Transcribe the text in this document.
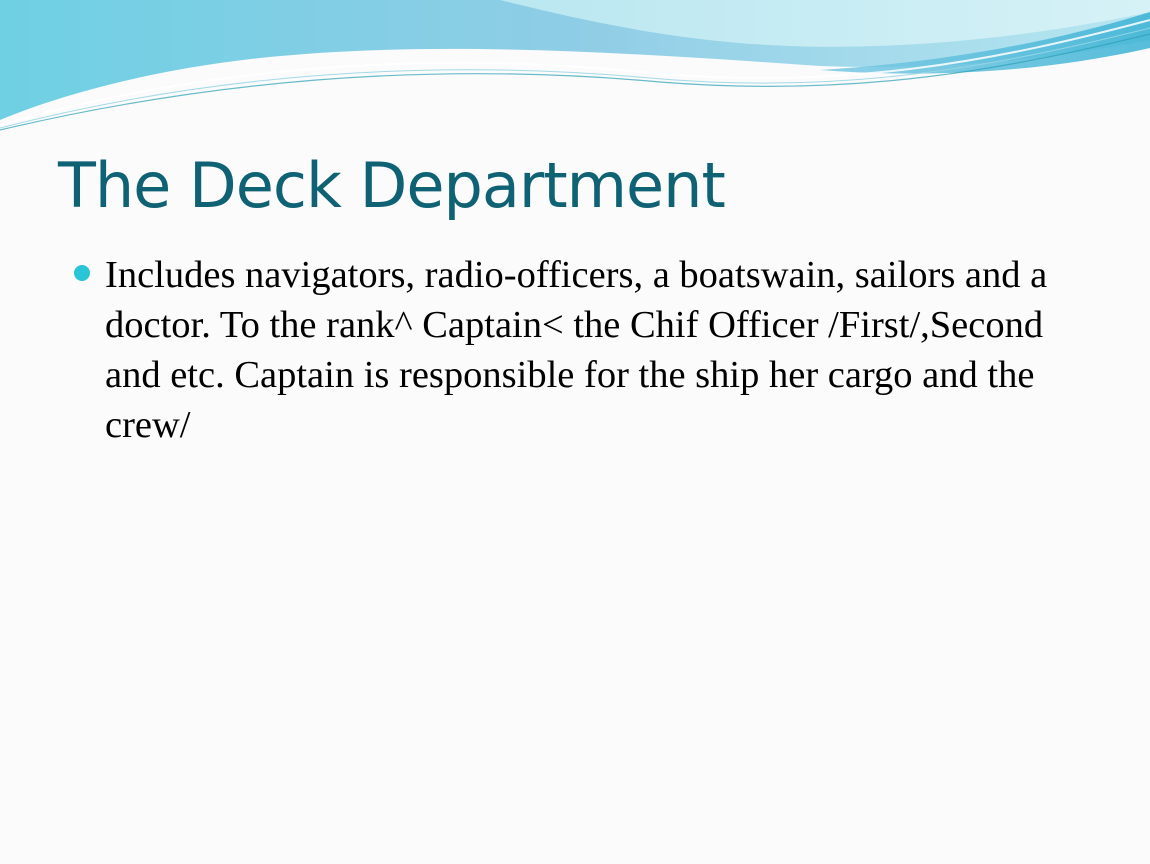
The Deck Department
Includes navigators, radio-officers, a boatswain, sailors and a doctor. To the rank^ Captain< the Chif Officer /First/,Second and etc. Captain is responsible for the ship her cargo and the crew/
